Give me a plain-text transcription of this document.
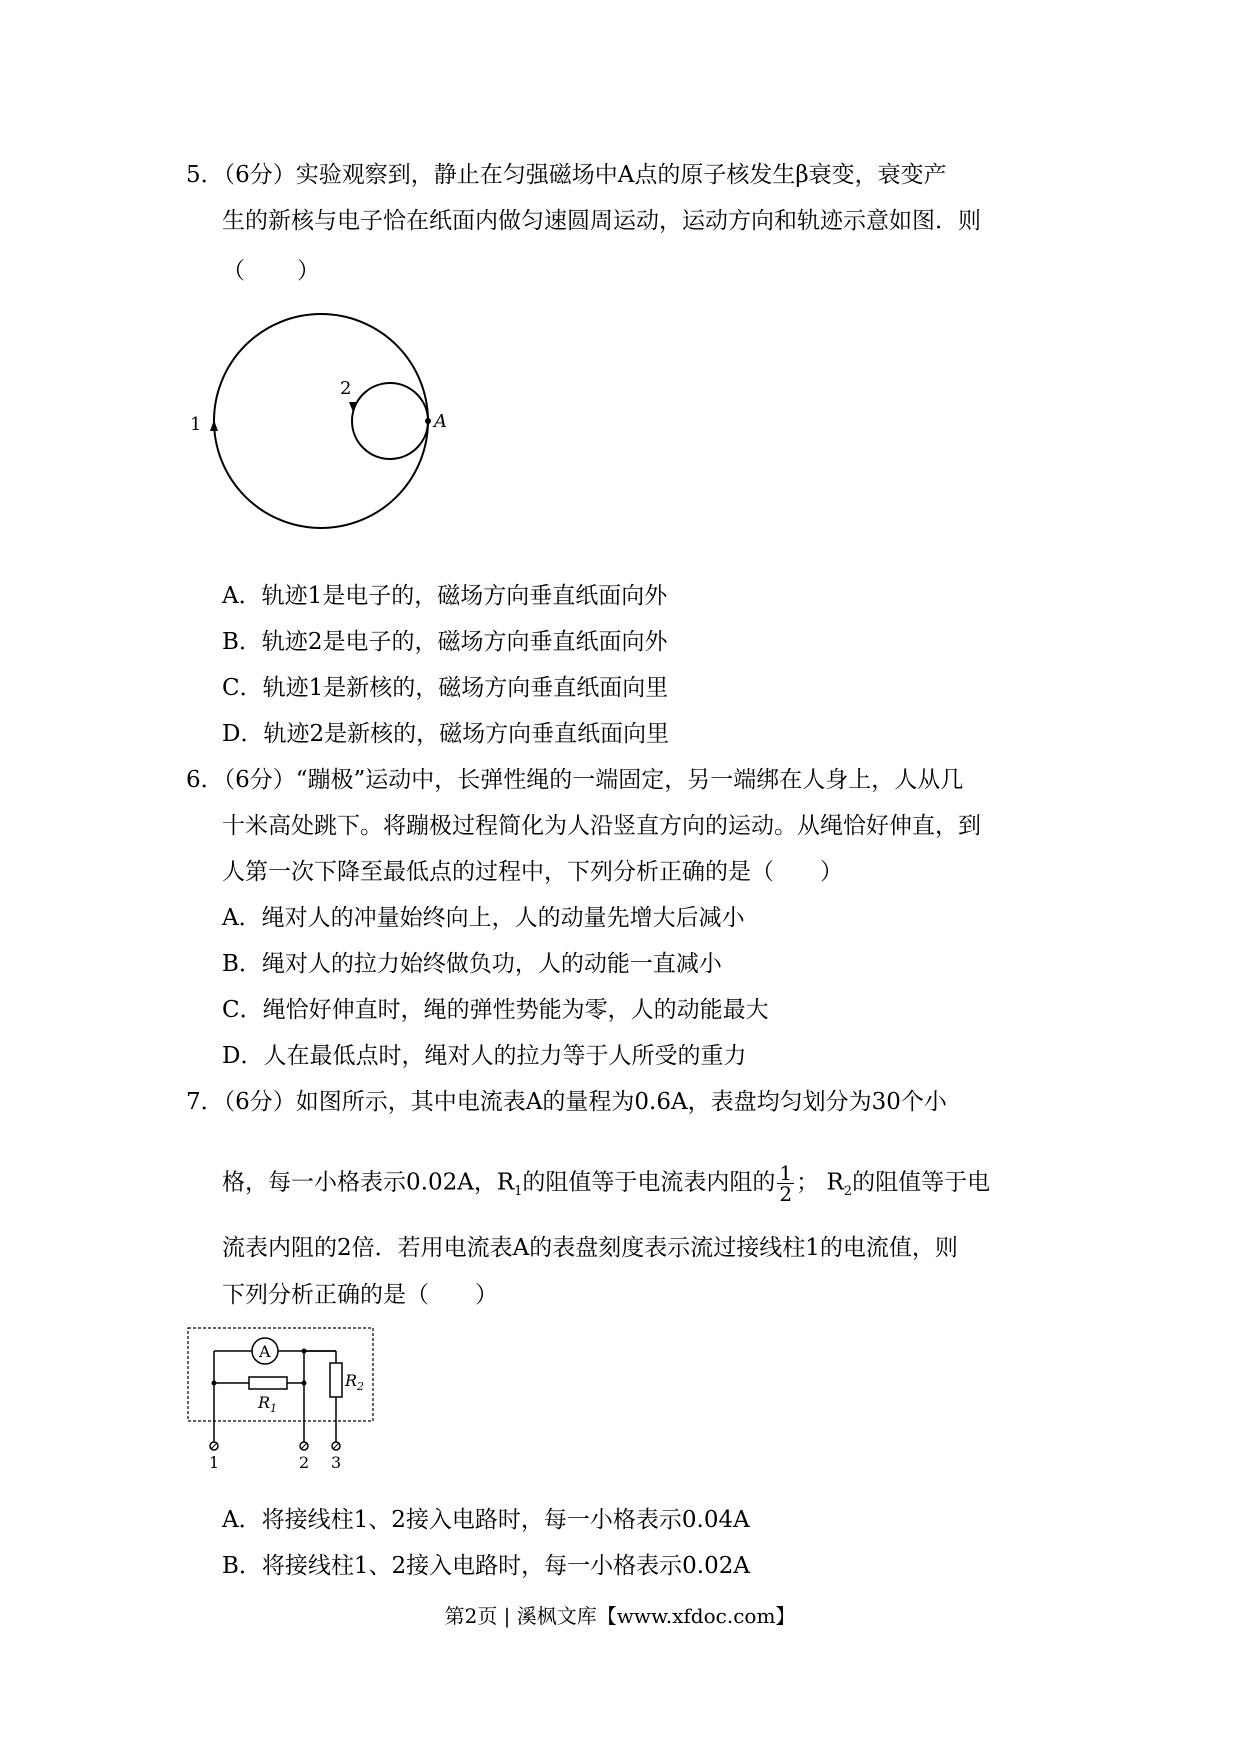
5．（6分）实验观察到，静止在匀强磁场中A点的原子核发生β衰变，衰变产
生的新核与电子恰在纸面内做匀速圆周运动，运动方向和轨迹示意如图．则
（ ）
1
2
A
A．轨迹1是电子的，磁场方向垂直纸面向外
B．轨迹2是电子的，磁场方向垂直纸面向外
C．轨迹1是新核的，磁场方向垂直纸面向里
D．轨迹2是新核的，磁场方向垂直纸面向里
6．（6分）“蹦极”运动中，长弹性绳的一端固定，另一端绑在人身上，人从几
十米高处跳下。将蹦极过程简化为人沿竖直方向的运动。从绳恰好伸直，到
人第一次下降至最低点的过程中，下列分析正确的是（　　）
A．绳对人的冲量始终向上，人的动量先增大后减小
B．绳对人的拉力始终做负功，人的动能一直减小
C．绳恰好伸直时，绳的弹性势能为零，人的动能最大
D．人在最低点时，绳对人的拉力等于人所受的重力
7．（6分）如图所示，其中电流表A的量程为0.6A，表盘均匀划分为30个小
格，每一小格表示0.02A，$R_1$的阻值等于电流表内阻的 $\frac{1}{2}$ ； $R_2$的阻值等于电
流表内阻的2倍．若用电流表A的表盘刻度表示流过接线柱1的电流值，则
下列分析正确的是（　　）
A
$R_1$
$R_2$
1	2 3
A．将接线柱1、2接入电路时，每一小格表示0.04A
B．将接线柱1、2接入电路时，每一小格表示0.02A
第2页 | 溪枫文库【www.xfdoc.com】
